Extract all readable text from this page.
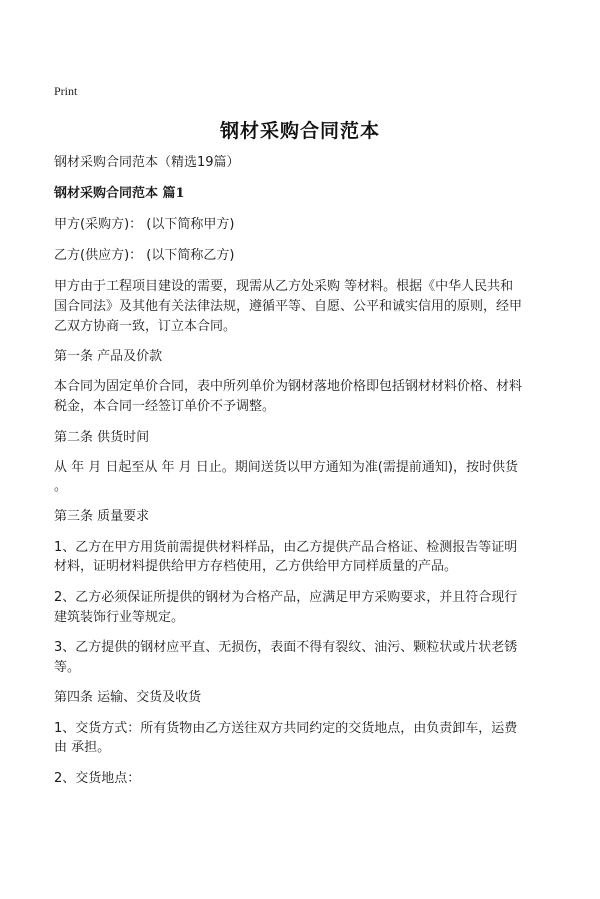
Print
钢材采购合同范本
钢材采购合同范本（精选19篇）
钢材采购合同范本 篇1
甲方(采购方)： (以下简称甲方)
乙方(供应方)： (以下简称乙方)
甲方由于工程项目建设的需要，现需从乙方处采购 等材料。根据《中华人民共和
国合同法》及其他有关法律法规，遵循平等、自愿、公平和诚实信用的原则，经甲
乙双方协商一致，订立本合同。
第一条 产品及价款
本合同为固定单价合同，表中所列单价为钢材落地价格即包括钢材材料价格、材料
税金，本合同一经签订单价不予调整。
第二条 供货时间
从 年 月 日起至从 年 月 日止。期间送货以甲方通知为准(需提前通知)，按时供货
。
第三条 质量要求
1、乙方在甲方用货前需提供材料样品，由乙方提供产品合格证、检测报告等证明
材料，证明材料提供给甲方存档使用，乙方供给甲方同样质量的产品。
2、乙方必须保证所提供的钢材为合格产品，应满足甲方采购要求，并且符合现行
建筑装饰行业等规定。
3、乙方提供的钢材应平直、无损伤，表面不得有裂纹、油污、颗粒状或片状老锈
等。
第四条 运输、交货及收货
1、交货方式：所有货物由乙方送往双方共同约定的交货地点，由负责卸车，运费
由 承担。
2、交货地点：
